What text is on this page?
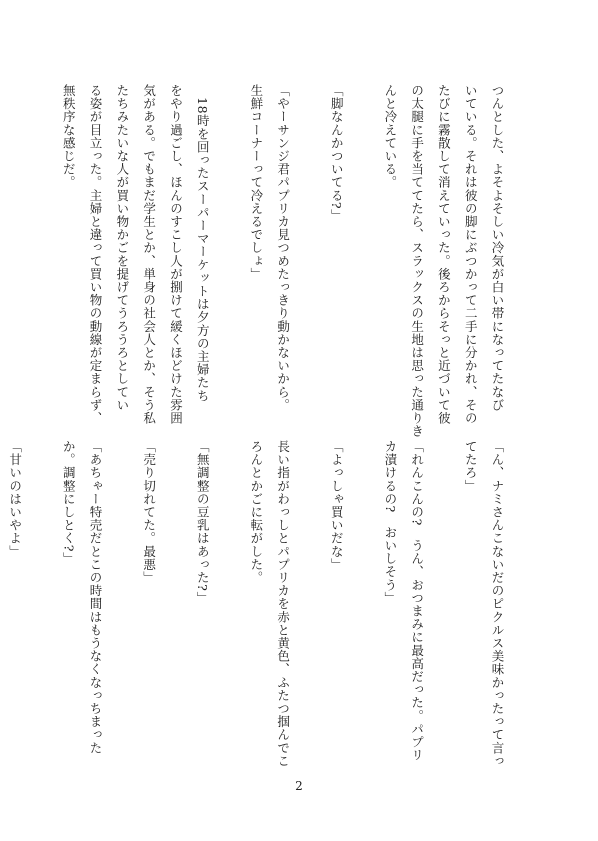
つんとした、よそよそしい冷気が白い帯になってたなび
いている。それは彼の脚にぶつかって二手に分かれ、その
たびに霧散して消えていった。後ろからそっと近づいて彼
の太腿に手を当ててたら、スラックスの生地は思った通りき
んと冷えている。

「脚なんかついてる?」

「やーサンジ君パプリカ見つめたっきり動かないから。
生鮮コーナーって冷えるでしょ」

　18時を回ったスーパーマーケットは夕方の主婦たち
をやり過ごし、ほんのすこし人が捌けて緩くほどけた雰囲
気がある。でもまだ学生とか、単身の社会人とか、そう私
たちみたいな人が買い物かごを提げてうろうろとしてい
る姿が目立った。主婦と違って買い物の動線が定まらず、
無秩序な感じだ。
「ん、ナミさんこないだのピクルス美味かったって言っ
てたろ」

「れんこんの?　うん、おつまみに最高だった。パプリ
カ漬けるの?　おいしそう」

「よっしゃ買いだな」

長い指がわっしとパプリカを赤と黄色、ふたつ掴んでこ
ろんとかごに転がした。

「無調整の豆乳はあった?」

「売り切れてた。最悪」

「あちゃー特売だとこの時間はもうなくなっちまった
か。調整にしとく?」

「甘いのはいやよ」

2
